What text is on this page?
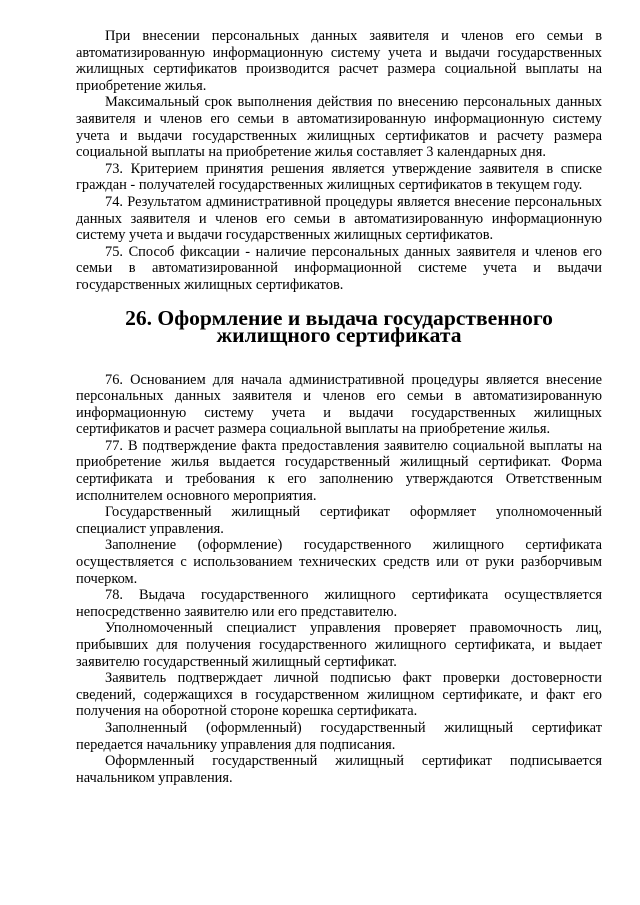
При внесении персональных данных заявителя и членов его семьи в автоматизированную информационную систему учета и выдачи государственных жилищных сертификатов производится расчет размера социальной выплаты на приобретение жилья.

Максимальный срок выполнения действия по внесению персональных данных заявителя и членов его семьи в автоматизированную информационную систему учета и выдачи государственных жилищных сертификатов и расчету размера социальной выплаты на приобретение жилья составляет 3 календарных дня.

73. Критерием принятия решения является утверждение заявителя в списке граждан - получателей государственных жилищных сертификатов в текущем году.

74. Результатом административной процедуры является внесение персональных данных заявителя и членов его семьи в автоматизированную информационную систему учета и выдачи государственных жилищных сертификатов.

75. Способ фиксации - наличие персональных данных заявителя и членов его семьи в автоматизированной информационной системе учета и выдачи государственных жилищных сертификатов.

26. Оформление и выдача государственного
жилищного сертификата

76. Основанием для начала административной процедуры является внесение персональных данных заявителя и членов его семьи в автоматизированную информационную систему учета и выдачи государственных жилищных сертификатов и расчет размера социальной выплаты на приобретение жилья.

77. В подтверждение факта предоставления заявителю социальной выплаты на приобретение жилья выдается государственный жилищный сертификат. Форма сертификата и требования к его заполнению утверждаются Ответственным исполнителем основного мероприятия.

Государственный жилищный сертификат оформляет уполномоченный специалист управления.

Заполнение (оформление) государственного жилищного сертификата осуществляется с использованием технических средств или от руки разборчивым почерком.

78. Выдача государственного жилищного сертификата осуществляется непосредственно заявителю или его представителю.

Уполномоченный специалист управления проверяет правомочность лиц, прибывших для получения государственного жилищного сертификата, и выдает заявителю государственный жилищный сертификат.

Заявитель подтверждает личной подписью факт проверки достоверности сведений, содержащихся в государственном жилищном сертификате, и факт его получения на оборотной стороне корешка сертификата.

Заполненный (оформленный) государственный жилищный сертификат передается начальнику управления для подписания.

Оформленный государственный жилищный сертификат подписывается начальником управления.
